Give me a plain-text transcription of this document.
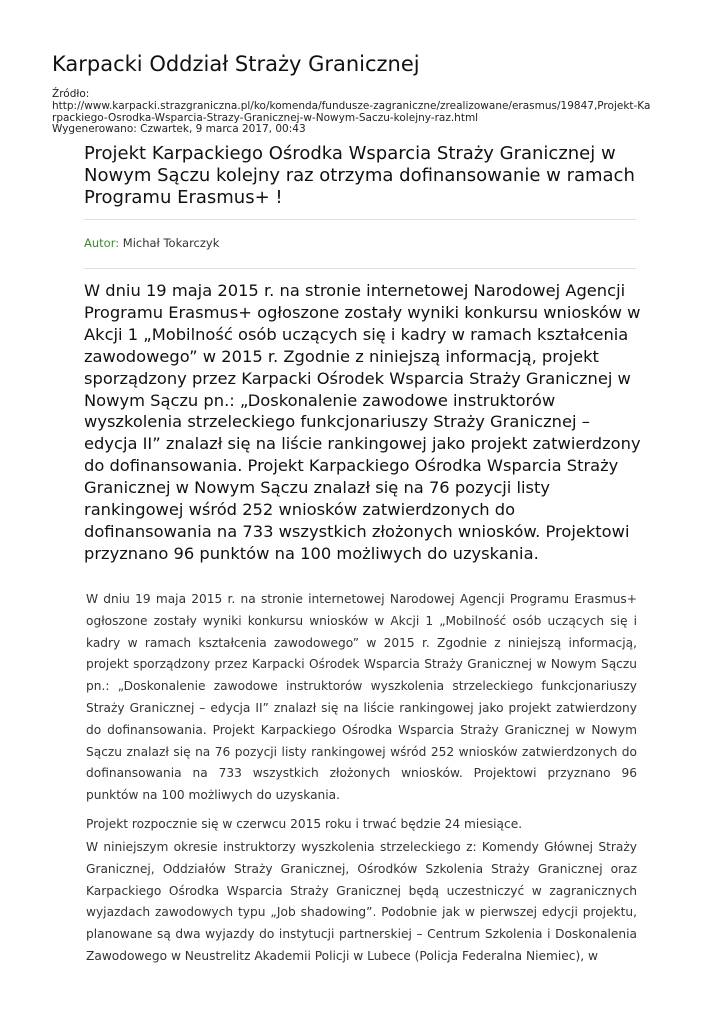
Karpacki Oddział Straży Granicznej
Źródło:
http://www.karpacki.strazgraniczna.pl/ko/komenda/fundusze-zagraniczne/zrealizowane/erasmus/19847,Projekt-Ka
rpackiego-Osrodka-Wsparcia-Strazy-Granicznej-w-Nowym-Saczu-kolejny-raz.html
Wygenerowano: Czwartek, 9 marca 2017, 00:43
Projekt Karpackiego Ośrodka Wsparcia Straży Granicznej w Nowym Sączu kolejny raz otrzyma dofinansowanie w ramach Programu Erasmus+ !
Autor: Michał Tokarczyk

W dniu 19 maja 2015 r. na stronie internetowej Narodowej Agencji Programu Erasmus+ ogłoszone zostały wyniki konkursu wniosków w Akcji 1 „Mobilność osób uczących się i kadry w ramach kształcenia zawodowego” w 2015 r. Zgodnie z niniejszą informacją, projekt sporządzony przez Karpacki Ośrodek Wsparcia Straży Granicznej w Nowym Sączu pn.: „Doskonalenie zawodowe instruktorów wyszkolenia strzeleckiego funkcjonariuszy Straży Granicznej – edycja II” znalazł się na liście rankingowej jako projekt zatwierdzony do dofinansowania. Projekt Karpackiego Ośrodka Wsparcia Straży Granicznej w Nowym Sączu znalazł się na 76 pozycji listy rankingowej wśród 252 wniosków zatwierdzonych do dofinansowania na 733 wszystkich złożonych wniosków. Projektowi przyznano 96 punktów na 100 możliwych do uzyskania.

W dniu 19 maja 2015 r. na stronie internetowej Narodowej Agencji Programu Erasmus+ ogłoszone zostały wyniki konkursu wniosków w Akcji 1 „Mobilność osób uczących się i kadry w ramach kształcenia zawodowego” w 2015 r. Zgodnie z niniejszą informacją, projekt sporządzony przez Karpacki Ośrodek Wsparcia Straży Granicznej w Nowym Sączu pn.: „Doskonalenie zawodowe instruktorów wyszkolenia strzeleckiego funkcjonariuszy Straży Granicznej – edycja II” znalazł się na liście rankingowej jako projekt zatwierdzony do dofinansowania. Projekt Karpackiego Ośrodka Wsparcia Straży Granicznej w Nowym Sączu znalazł się na 76 pozycji listy rankingowej wśród 252 wniosków zatwierdzonych do dofinansowania na 733 wszystkich złożonych wniosków. Projektowi przyznano 96 punktów na 100 możliwych do uzyskania.

Projekt rozpocznie się w czerwcu 2015 roku i trwać będzie 24 miesiące.

W niniejszym okresie instruktorzy wyszkolenia strzeleckiego z: Komendy Głównej Straży Granicznej, Oddziałów Straży Granicznej, Ośrodków Szkolenia Straży Granicznej oraz Karpackiego Ośrodka Wsparcia Straży Granicznej będą uczestniczyć w zagranicznych wyjazdach zawodowych typu „Job shadowing”. Podobnie jak w pierwszej edycji projektu, planowane są dwa wyjazdy do instytucji partnerskiej – Centrum Szkolenia i Doskonalenia Zawodowego w Neustrelitz Akademii Policji w Lubece (Policja Federalna Niemiec), w
